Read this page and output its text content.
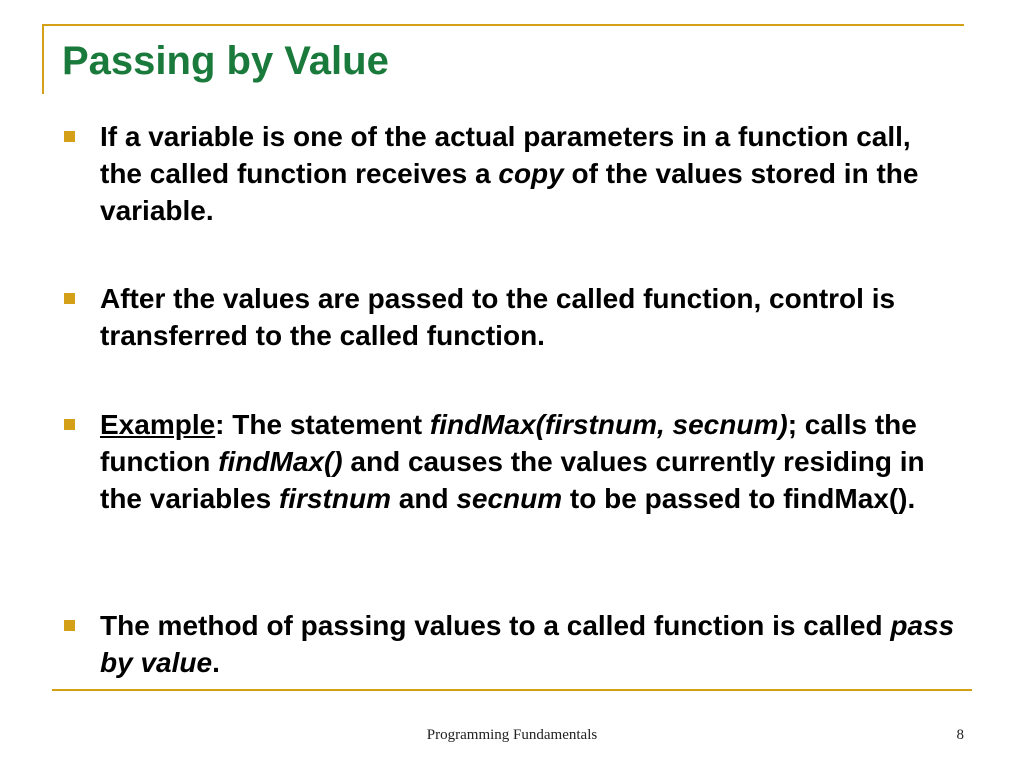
Passing by Value
If a variable is one of the actual parameters in a function call, the called function receives a copy of the values stored in the variable.
After the values are passed to the called function, control is transferred to the called function.
Example: The statement findMax(firstnum, secnum); calls the function findMax() and causes the values currently residing in the variables firstnum and secnum to be passed to findMax().
The method of passing values to a called function is called pass by value.
Programming Fundamentals	8
